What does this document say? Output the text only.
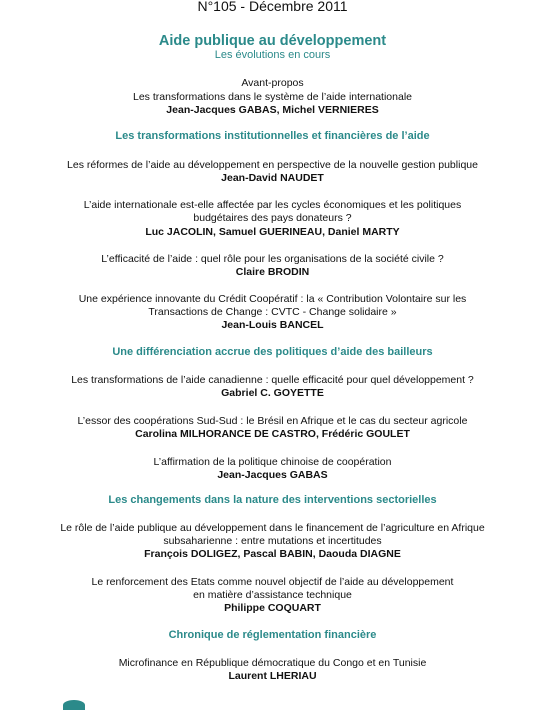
N°105 - Décembre 2011
Aide publique au développement
Les évolutions en cours
Avant-propos
Les transformations dans le système de l’aide internationale
Jean-Jacques GABAS, Michel VERNIERES
Les transformations institutionnelles et financières de l’aide
Les réformes de l’aide au développement en perspective de la nouvelle gestion publique
Jean-David NAUDET
L’aide internationale est-elle affectée par les cycles économiques et les politiques
budgétaires des pays donateurs ?
Luc JACOLIN, Samuel GUERINEAU, Daniel MARTY
L’efficacité de l’aide : quel rôle pour les organisations de la société civile ?
Claire BRODIN
Une expérience innovante du Crédit Coopératif : la « Contribution Volontaire sur les
Transactions de Change : CVTC - Change solidaire »
Jean-Louis BANCEL
Une différenciation accrue des politiques d’aide des bailleurs
Les transformations de l’aide canadienne : quelle efficacité pour quel développement ?
Gabriel C. GOYETTE
L’essor des coopérations Sud-Sud : le Brésil en Afrique et le cas du secteur agricole
Carolina MILHORANCE DE CASTRO, Frédéric GOULET
L’affirmation de la politique chinoise de coopération
Jean-Jacques GABAS
Les changements dans la nature des interventions sectorielles
Le rôle de l’aide publique au développement dans le financement de l’agriculture en Afrique
subsaharienne : entre mutations et incertitudes
François DOLIGEZ, Pascal BABIN, Daouda DIAGNE
Le renforcement des Etats comme nouvel objectif de l’aide au développement
en matière d’assistance technique
Philippe COQUART
Chronique de réglementation financière
Microfinance en République démocratique du Congo et en Tunisie
Laurent LHERIAU
